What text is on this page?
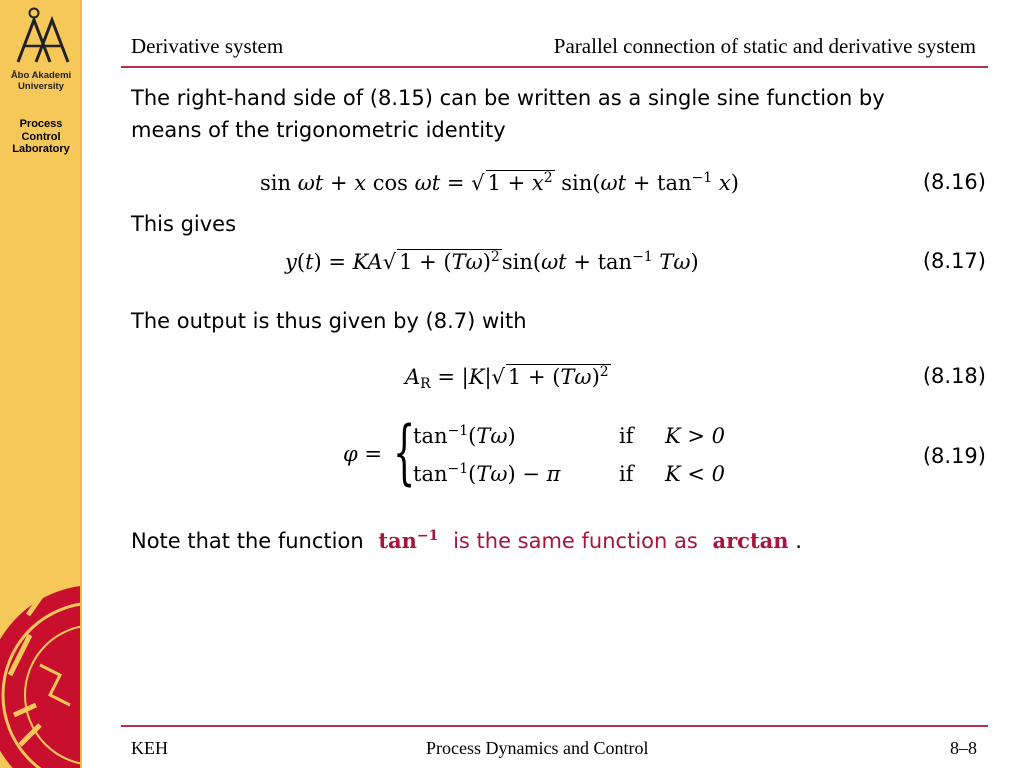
Åbo Akademi
University
Process
Control
Laboratory
Derivative system	Parallel connection of static and derivative system
The right-hand side of (8.15) can be written as a single sine function by
means of the trigonometric identity
sin ωt + x cos ωt = √ $1 + x^2$ $\sin(\omega t + \tan^{-1} x)$	(8.16)
This gives
y(t) = KA√ $1 + (T\omega)^2\sin(\omega t + \tan^{-1} T\omega)$	(8.17)
The output is thus given by (8.7) with
$A_R = |K|√$ $1 + (T\omega)^2$	(8.18)
φ = {
$\tan^{-1}(T\omega)$	if K > 0
$\tan^{-1}(T\omega) - \pi$	if K < 0
(8.19)
Note that the function $\tan^{-1}$ is the same function as arctan .
KEH	Process Dynamics and Control	8–8
